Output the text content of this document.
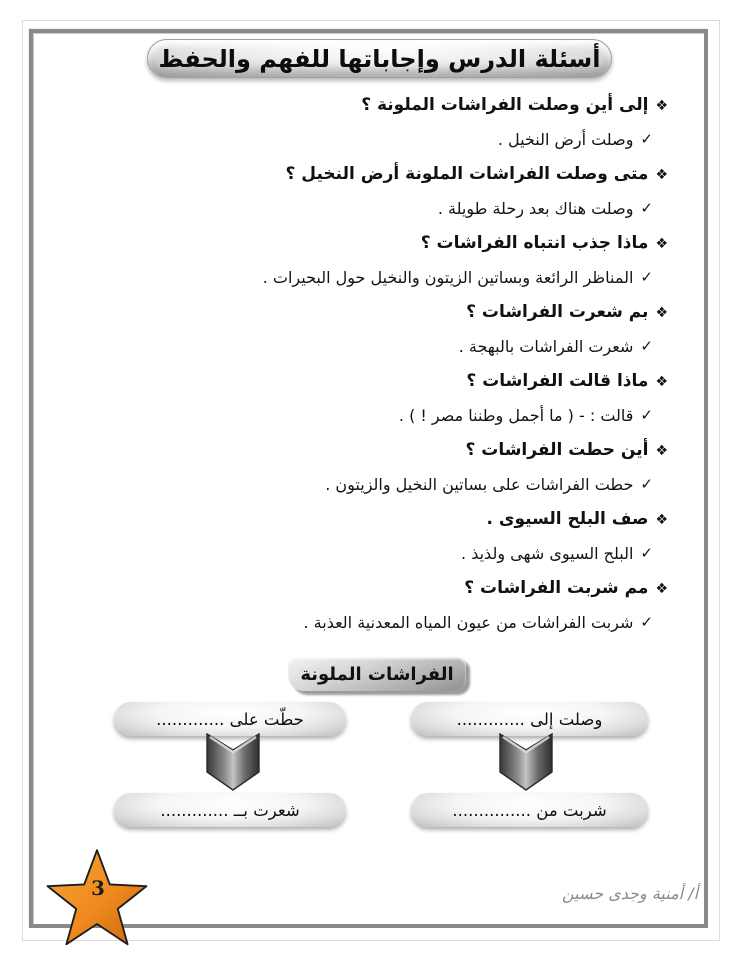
أسئلة الدرس وإجاباتها للفهم والحفظ
❖
إلى أين وصلت الفراشات الملونة ؟
✓
وصلت أرض النخيل .
❖
متى وصلت الفراشات الملونة أرض النخيل ؟
✓
وصلت هناك بعد رحلة طويلة .
❖
ماذا جذب انتباه الفراشات ؟
✓
المناظر الرائعة وبساتين الزيتون والنخيل حول البحيرات .
❖
بم شعرت الفراشات ؟
✓
شعرت الفراشات بالبهجة .
❖
ماذا قالت الفراشات ؟
✓
قالت : - ( ما أجمل وطننا مصر ! ) .
❖
أين حطت الفراشات ؟
✓
حطت الفراشات على بساتين النخيل والزيتون .
❖
صف البلح السيوى .
✓
البلح السيوى شهى ولذيذ .
❖
مم شربت الفراشات ؟
✓
شربت الفراشات من عيون المياه المعدنية العذبة .
الفراشات الملونة
وصلت إلى .............
حطّت على .............
شربت من ...............
شعرت بــ .............
3	أ/ أمنية وجدى حسين
